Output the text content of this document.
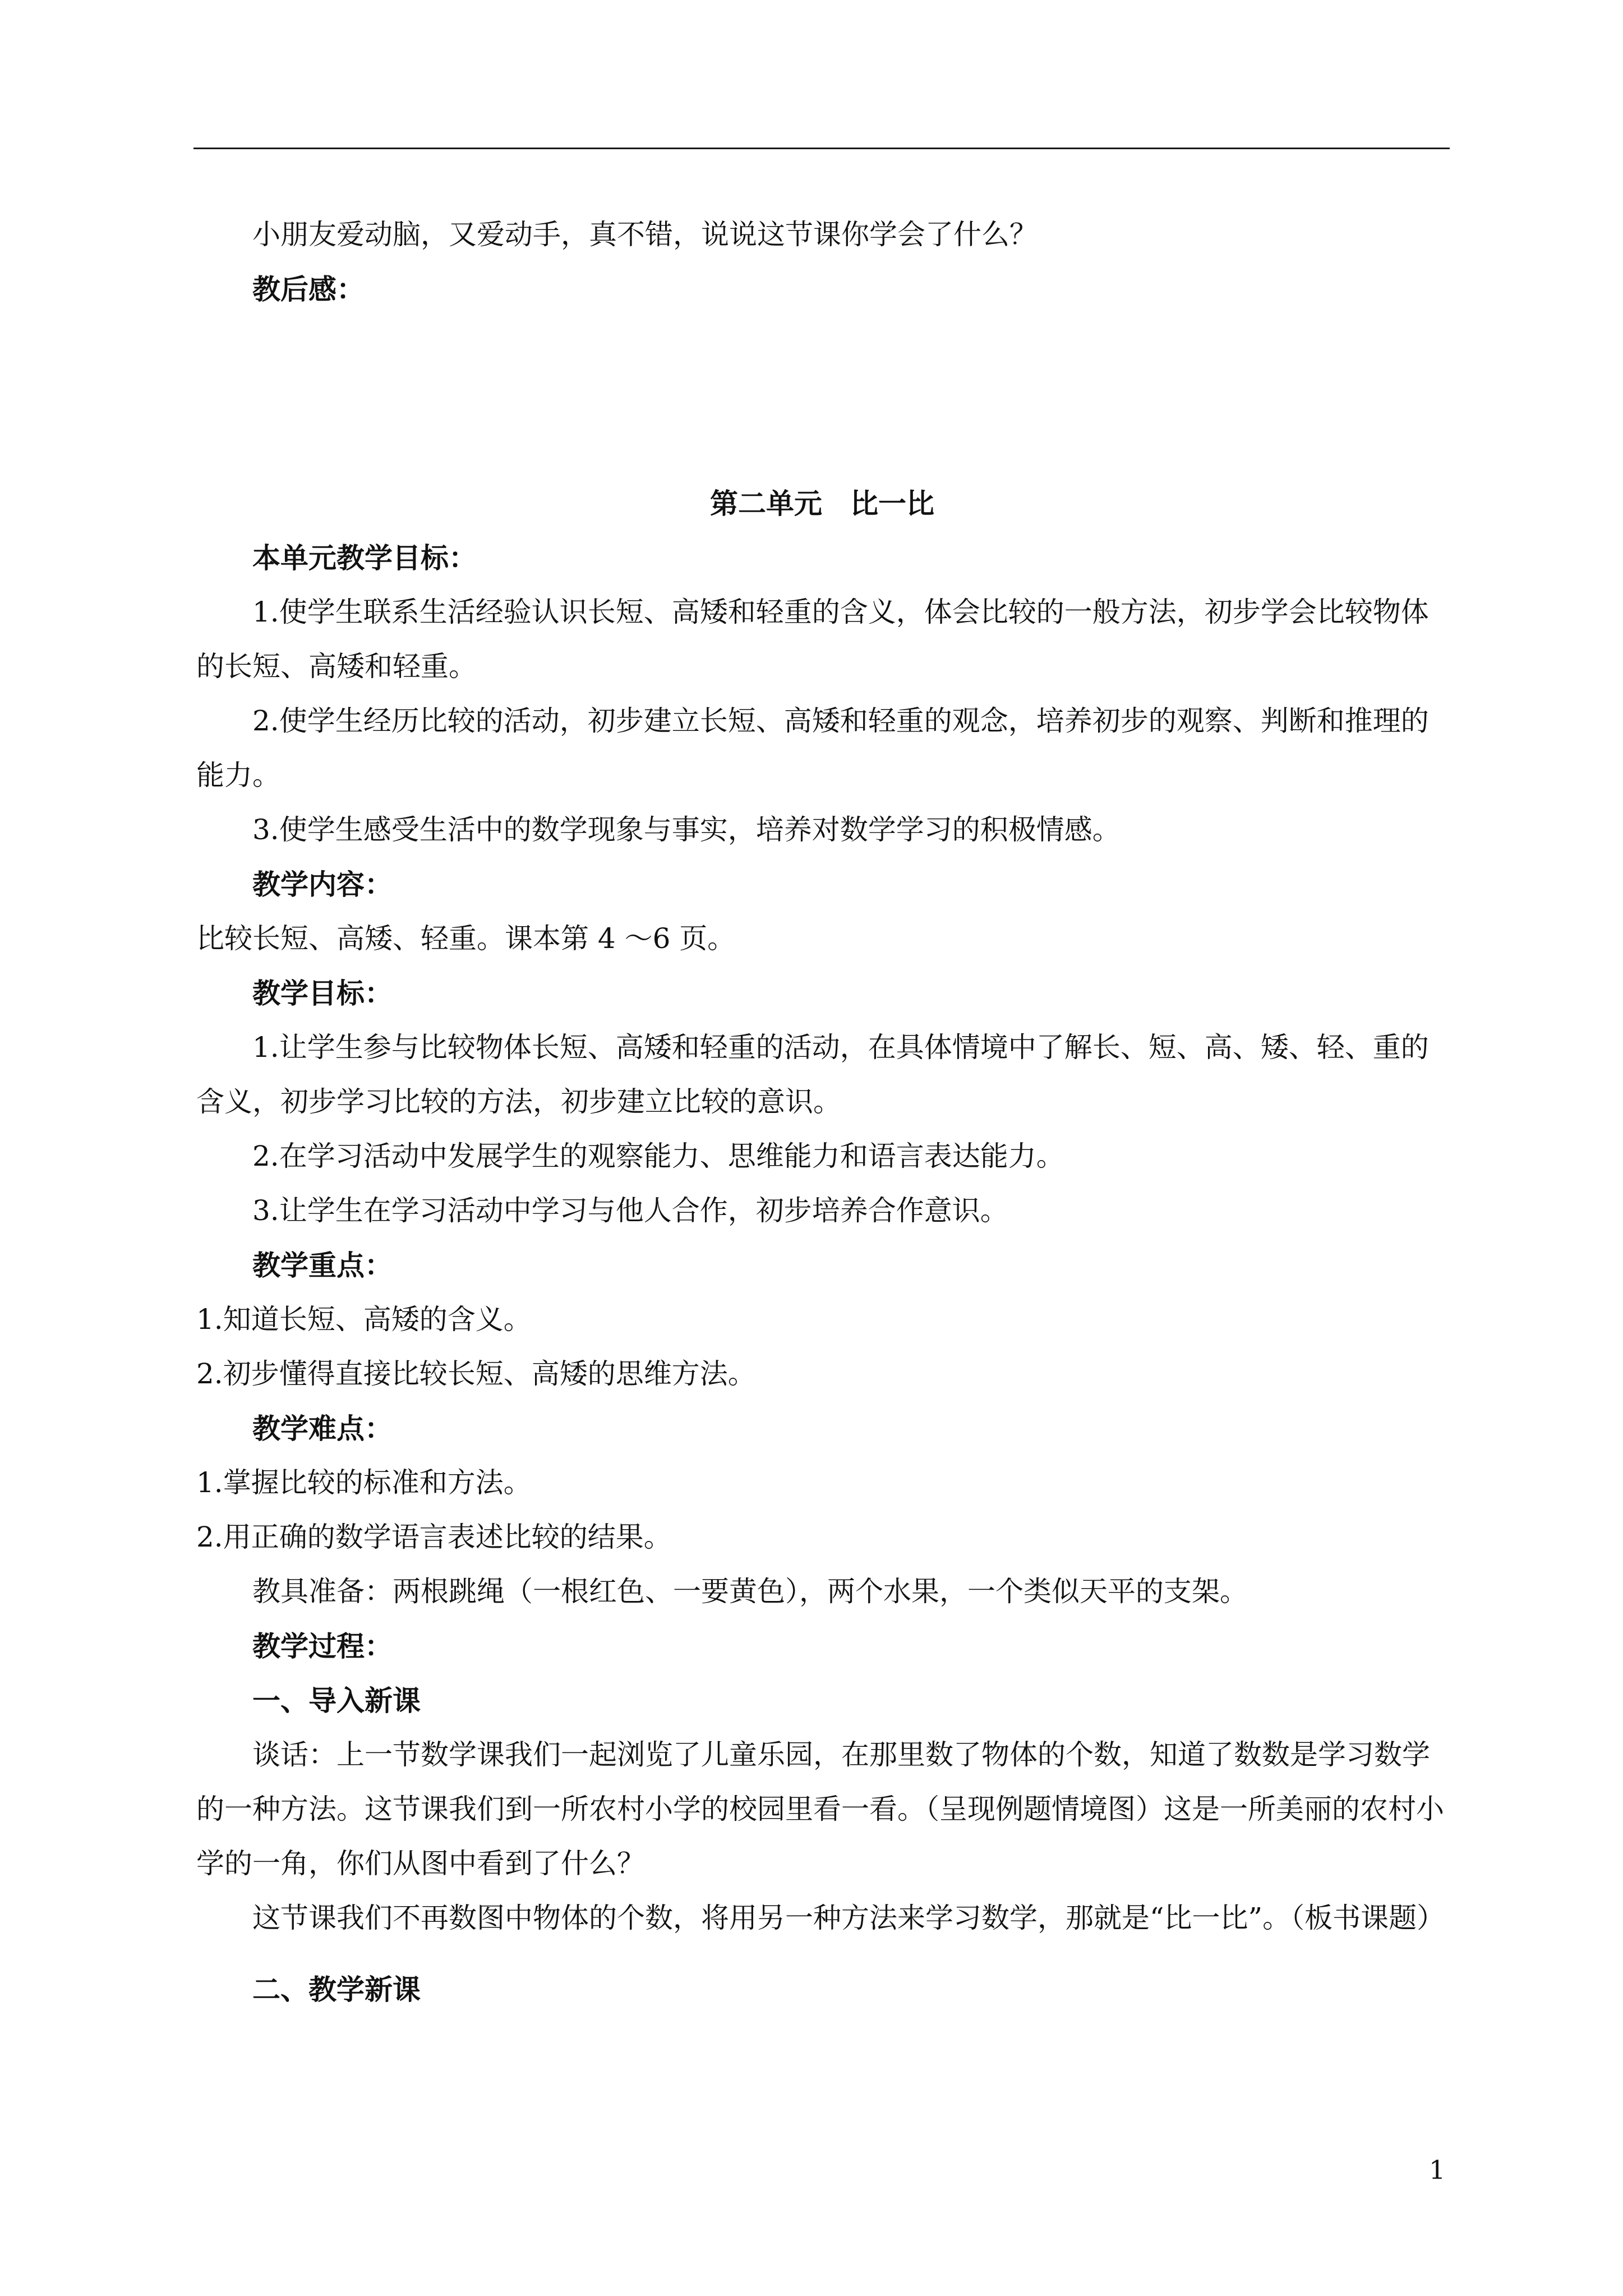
小朋友爱动脑，又爱动手，真不错，说说这节课你学会了什么？

教后感：

第二单元　比一比

本单元教学目标：

1.使学生联系生活经验认识长短、高矮和轻重的含义，体会比较的一般方法，初步学会比较物体的长短、高矮和轻重。

2.使学生经历比较的活动，初步建立长短、高矮和轻重的观念，培养初步的观察、判断和推理的能力。

3.使学生感受生活中的数学现象与事实，培养对数学学习的积极情感。

教学内容：

比较长短、高矮、轻重。课本第 4 ～6 页。

教学目标：

1.让学生参与比较物体长短、高矮和轻重的活动，在具体情境中了解长、短、高、矮、轻、重的含义，初步学习比较的方法，初步建立比较的意识。

2.在学习活动中发展学生的观察能力、思维能力和语言表达能力。

3.让学生在学习活动中学习与他人合作，初步培养合作意识。

教学重点：

1.知道长短、高矮的含义。

2.初步懂得直接比较长短、高矮的思维方法。

教学难点：

1.掌握比较的标准和方法。

2.用正确的数学语言表述比较的结果。

教具准备：两根跳绳（一根红色、一要黄色），两个水果，一个类似天平的支架。

教学过程：

一、导入新课

谈话：上一节数学课我们一起浏览了儿童乐园，在那里数了物体的个数，知道了数数是学习数学的一种方法。这节课我们到一所农村小学的校园里看一看。（呈现例题情境图）这是一所美丽的农村小学的一角，你们从图中看到了什么？

这节课我们不再数图中物体的个数，将用另一种方法来学习数学，那就是“比一比”。（板书课题）

二、教学新课

1
